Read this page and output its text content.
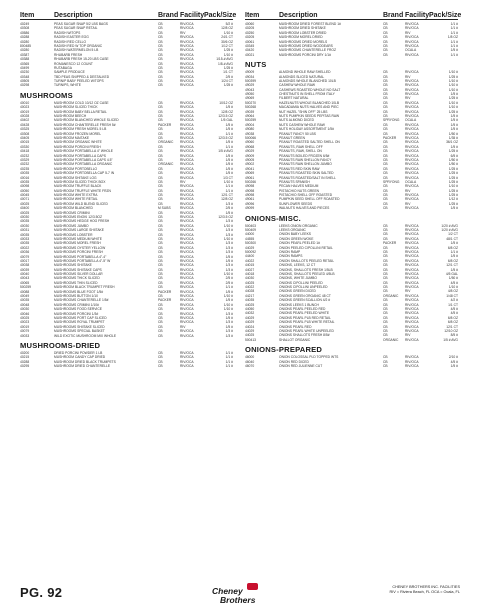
Item	Description	Brand Facility Pack/Size
40249	PEAS SUGAR SNAP 5/2 LBS BAGS	CB	RIV/OCA	5/2 #
40308	PEAS SUGAR SNAP RETAIL	CB	RIV/OCA	12/8 OZ
40586	RADISH WITOPS	CB	RIV	1/10 #
40288	RADISH EASTER EGG	CB	RIV/OCA	24/1 CT
40280	RADISH RED CELLO	CB	RIV/OCA	30/6 OZ
800485	RADISH RED W TOP ORGANIC	CB	RIV/OCA	1/12 CT
40280	RADISH WATERMELON 5 LB	CB	RIV/OCA	1/25 #
40387	RHUBARB FRESH	CB	RIV/OCA	1/10 #
40388	RHUBARB FRESH 15-20 LBS CASE	CB	RIV/OCA	1/15-# AVG
40365	ROMANESCO 12 COUNT	CB	RIV/OCA	1/8-# AVG
40499	RUTABAGA	CB	RIV/OCA	1/25 #
40230	SAMPLE PRODUCE	CB	RIV/OCA	1/1 CT
40348	TBD PEAS SNIPPED & DESTALKED	CB	RIV/OCA	2/5 #
40505	TURNIP BABY PEELED W/TOPS	CB	RIV/OCA	1/24 CT
40298	TURNIPS, WHITE	CB	RIV/OCA	1/25 #
MUSHROOMS
40010	MUSHROOM COLD 10/12 OZ CASE	CB	RIV/OCA	10/12 OZ
40023	MUSHROOM SLICED THICK	CB	RIV/OCA	1/5 #
40019	MUSHROOM BABY BELLA RETAIL	CB	RIV/OCA	12/8 OZ
40028	MUSHROOM BEECH	CB	RIV/OCA	12/3.5 OZ
40402	MUSHROOM BLANCHED WHOLE SLICED	CB	RIV/OCA	1/5 GAL
40428	MUSHROOM CHANTERELLE FRESH 5#	PACKER	RIV/OCA	1/5 #
40325	MUSHROOM FRESH MOREL 5 LB	CB	RIV/OCA	1/5 #
40308	MUSHROOM FROZEN MOREL	CB	RIV/OCA	1/1 #
40405	MUSHROOM MAITAKE	CB	RIV/OCA	12/3.5 OZ
40015	MUSHROOM ORGANIC WHITE	ORGANIC	RIV/OCA	1/5 #
40330	MUSHROOM PORCINI FRESH	CB	RIV/OCA	1/1 #
40418	MUSHROOM PORTABELLA 4" WHOLE	CB	RIV/OCA	1/5 # AVG
40232	MUSHROOM PORTABELLA CAPS	CB	RIV/OCA	1/5 #
40329	MUSHROOM PORTABELLA CAPS 4.5"	CB	RIV/OCA	1/5 #
40232	MUSHROOM PORTABELLA ORGANIC	ORGANIC	RIV/OCA	1/5 #
40235	MUSHROOM PORTOBELLO	CB	RIV/OCA	1/5 #
40035	MUSHROOM PORTOBELLA CAP 5-7 IN	CB	RIV/OCA	1/5 #
40016	MUSHROOM SHITAKE LOG	CB	RIV/OCA	1/3 CT
40035	MUSHROOM SLICED THICK BOX	CB	RIV	1/10 #
40098	MUSHROOM TRUFFLE BLACK	CB	RIV/OCA	1/1 #
40050	MUSHROOM TRUFFLE WHITE FRZN	CB	RIV/OCA	1/1 #
40045	MUSHROOM WHITE EXTRA	CB	RIV/OCA	12/1 CT
40071	MUSHROOM WHITE RETAIL	CB	RIV/OCA	12/8 OZ
40025	MUSHROOM WILD BLEND SLICED	CB	RIV/OCA	1/3 #
40400	MUSHROOM BLANCHED	M SUBS	RIV/OCA	2/5 #
40025	MUSHROOMS CRIMINI	CB	RIV/OCA	1/5 #
40030	MUSHROOMS ENOKI 12/3.5OZ	CB	RIV/OCA	12/3.5 OZ
40035	MUSHROOMS HEDGE HOG FRESH	CB	RIV/OCA	1/3 #
40030	MUSHROOMS JUMBO	CB	RIV/OCA	1/10 #
40031	MUSHROOMS LARGE SHIITAKE	CB	RIV/OCA	1/3 #
40035	MUSHROOMS LOBSTER	CB	RIV/OCA	1/3 #
40033	MUSHROOMS MEDIUM WHITE	CB	RIV/OCA	1/10 #
40035	MUSHROOMS MOREL FRESH	CB	RIV/OCA	1/3 #
40022	MUSHROOMS OYSTER YELLOW	CB	RIV/OCA	1/3 #
40036	MUSHROOMS PORCINI FRESH	CB	RIV/OCA	1/3 #
40079	MUSHROOMS PORTABELLA 4"-4"	CB	RIV/OCA	1/5 #
40017	MUSHROOMS PORTABELLA 4"-5" W	CB	RIV/OCA	1/5 #
40038	MUSHROOMS SHIITAKE	CB	RIV/OCA	1/3 #
40039	MUSHROOMS SHIITAKE CAPS	CB	RIV/OCA	1/3 #
40040	MUSHROOMS SILVER DOLLAR	CB	RIV/OCA	1/10 #
40043	MUSHROOMS THICK SLICED	CB	RIV/OCA	2/5 #
40065	MUSHROOMS THIN SLICED	CB	RIV/OCA	2/5 #
500259	MUSHROOM BLACK TRUMPET FRESH	CB	RIV/OCA	1/1 #
40088	MUSHROOMS BLUE FOOT 1/5#	PACKER	RIV/OCA	1/5 #
40049	MUSHROOMS BUTTON 1/10	CB	RIV/OCA	1/10 #
40035	MUSHROOMS CHANTERELLE 1/5#	PACKER	RIV/OCA	1/5 #
40048	MUSHROOMS CRIMINI 1/10#	CB	RIV/OCA	1/10 #
40030	MUSHROOMS FOOD SERVICE	CB	RIV/OCA	1/10 #
40046	MUSHROOMS PORCINI 1/3#	CB	RIV/OCA	1/3 #
40025	MUSHROOMS PORT CAP SLICED	CB	RIV/OCA	1/5 #
40023	MUSHROOMS ROYAL TRUMPET	CB	RIV/OCA	1/3 #
40019	MUSHROOMS SHIITAKE SLICED	CB	RIV	1/5 #
40079	MUSHROOMS SPECIAL BASKET	CB	RIV/OCA	1/3 #
40033	WILD EXOTIC MUSHROOM MIX WHOLE	CB	RIV/OCA	1/3 #
MUSHROOMS-DRIED
40200	DRIED PORCINI POWDER 1 LB	CB	RIV/OCA	1/1 #
40215	MUSHROOM CANDY CAP DRIED	CB	RIV/OCA	1/1 #
40288	MUSHROOM DRIED BLACK TRUMPETS	CB	RIV/OCA	1/1 #
40295	MUSHROOM DRIED CHANTERELLE	CB	RIV/OCA	1/1 #
Item	Description	Brand Facility Pack/Size
40060	MUSHROOM DRIED FOREST BLEND 1#	CB	RIV/OCA	1/1 #
40205	MUSHROOM DRIED SHIITAKE	CB	RIV/OCA	1/1 #
40250	MUSHROOM LOBSTER DRIED	CB	RIV	1/1 #
40205	MUSHROOM MOREL DRIED	CB	RIV/OCA	1/8 OZ
40061	MUSHROOMS DRIED MORELS	CB	RIV/OCA	1/1 #
40345	MUSHROOMS DRIED WOODEARS	CB	RIV/OCA	1/1 #
40420	MUSHROOMS CHANTERELLE FROZ	CB	OCALA	1/5 #
40021	MUSHROOMS PORCINI DRY 1/1#	CB	RIV/OCA	1/1 #
NUTS
49009	ALMOND WHOLE RAW SHELLED	CB	RIV/OCA	1/10 #
49034	ALMONDS SLICED NATURAL	CB	RIV	1/25 #
500399	ALMONDS WHOLE BLANCHED 10LB	CB	RIV/OCA	1/10 #
49029	CASHEW WHOLE RAW	CB	RIV/OCA	1/10 #
49043	CASHEWS ROASTED WHOLE NO SALT	CB	RIV/OCA	1/10 #
49050	CHESTNUTS IN SHELL FROM ITALY	CB	RIV/OCA	1/5 #
49069	FILBERT NATURAL	CB	RIV	1/25 #
500270	HAZELNUTS WHOLE BLANCHED 10LB	CB	RIV/OCA	1/10 #
500268	MACADAMIA NUTS HALVES AND PIEC	CB	RIV/OCA	1/10 #
49039	NUT HAZEL "SHIN OFF" 25 LBS	CB	RIV/OCA	1/25 #
49064	NUTS PUMPKIN SEEDS PEPITAS RAW	CB	RIV/OCA	1/5 #
500259	NUTS ALMOND DICED	SPRYONG	OCALA	1/5 #
49004	NUTS CASHEW WHOLE RAW	CB	RIV/OCA	1/5 #
49080	NUTS HOLIDAY ASSORTMENT 1/5#	CB	RIV/OCA	1/5 #
49038	PEANUT FANCY 50 LBS	CB	RIV/OCA	1/50 #
500066	PEANUT GREEN	PACKER	RIV/OCA	1/35 #
49060	PEANUT ROASTED SALTED SHELL ON	CB	RIV/OCA	36/1 OZ
49068	PEANUTS, RAW SHELL OFF	CB	RIV/OCA	1/5 #
49029	PEANUTS, RAW, SHELL ON	CB	RIV/OCA	1/25 #
49009	PEANUTS BOILED FROZEN 6/5#	CB	RIV/OCA	6/5 #
49005	PEANUTS RAW SHELLON FANCY	CB	RIV/OCA	1/50 #
49002	PEANUTS RAW SHELLON JUMBO	CB	RIV/OCA	1/50 #
49041	PEANUTS RED SKIN RAW	CB	RIV/OCA	1/25 #
49069	PEANUTS ROASTED SKIN SALTED	CB	RIV/OCA	1/25 #
49061	PEANUTS ROASTED/SALT IN SHELL	CB	RIV/OCA	1/25 #
500266	PEANUTS SPANISH	SPRYONG	OCALA	1/25 #
49098	PECAN HALVES MEDIUM	CB	RIV/OCA	1/10 #
49098	PISTACHIO NUTS GREEN	CB	RIV	1/25 #
49098	PISTACHIO SHELL OFF ROASTED	CB	RIV/OCA	1/25 #
49061	PUMPKIN SEED SHELL OFF ROASTED	CB	RIV/OCA	1/12 #
49096	SUNFLOWER SEEDS	CB	RIV	1/25 #
49099	WALNUTS HALVES AND PIECES	CB	RIV/OCA	1/5 #
ONIONS-MISC.
500403	LEEKS ONION ORGANIC	CB	RIV/OCA	1/20 # AVG
500409	LEEKS ORGANIC	CB	RIV/OCA	1/20 # AVG
44000	ONION BABY LEEKS	CB	RIV/OCA	1/2 CT
44555	ONION GREEN WOKE	CB	RIV/OCA	48/1 CT
500300	ONION PEARL PEELED 1#	PACKER	RIV/OCA	1/5 #
44029	ONION PEELED CIPOLLINI RETAIL	CB	RIV/OCA	6/8 OZ
500092	ONION RAMP	CB	RIV/OCA	1/1 #
44400	ONION RAMPS	CB	RIV/OCA	1/5 #
44022	ONION SHALLOTS PEELED RETAIL	CB	RIV/OCA	6/8 OZ
44015	ONIONS, LEEKS, 12 CT	CB	RIV/OCA	12/1 CT
44027	ONIONS, SHALLOTS FRESH 1/5LB	CB	RIV/OCA	1/5 #
44018	ONIONS, SHALLOTS PEELED 4/5LB	CB	RIV/OCA	4/5 GAL
44030	ONIONS, WHITE JUMBO	CB	RIV/OCA	1/50 #
44025	ONIONS CIPOLLINI PEELED	CB	RIV/OCA	4/5 #
44022	ONIONS CIPOLLINI UNPEELED	CB	RIV/OCA	1/10 #
44028	ONIONS GREEN DICED	CB	RIV	4/8 OZ
44217	ONIONS GREEN ORGANIC 48 CT	ORGANIC	RIV/OCA	1/48 CT
44035	ONIONS GREEN SCALLION 4/2 #	CB	RIV/OCA	4/2 #
44025	ONIONS LEEKS 1 BUNCH	CB	RIV/OCA	1/1 CT
44050	ONIONS PEARL PEELED RED	CB	RIV/OCA	4/5 #
44032	ONIONS PEARL PEELED WHITE	CB	RIV/OCA	4/5 #
44029	ONIONS PEARL PLB RED RETAIL	CB	RIV/OCA	6/8 OZ
44029	ONIONS PEARL PLB WHITE RETAIL	CB	RIV/OCA	6/8 OZ
44024	ONIONS PEARL RED	CB	RIV/OCA	12/1 CT
44029	ONIONS PEARL WHITE UNPEELED	CB	RIV/OCA	12/10 OZ
44025	ONIONS SHALLOTS FRESH 8/5#	CB	RIV	8/5 #
500413	SHALLOT ORGANIC	ORGANIC	RIV/OCA	1/5 # AVG
ONIONS-PREPARED
46000	ONION COLOSSAL PLD TOPPED WTS	CB	RIV/OCA	2/10 #
46040	ONION RED DICED	CB	RIV/OCA	4/5 #
46070	ONION RED JULIENNE CUT	CB	RIV/OCA	1/5 #
PG. 92	Cheney
Brothers
CHENEY BROTHERS INC. FACILITIES
RIV = Riviera Beach, FL OCA = Ocala, FL
